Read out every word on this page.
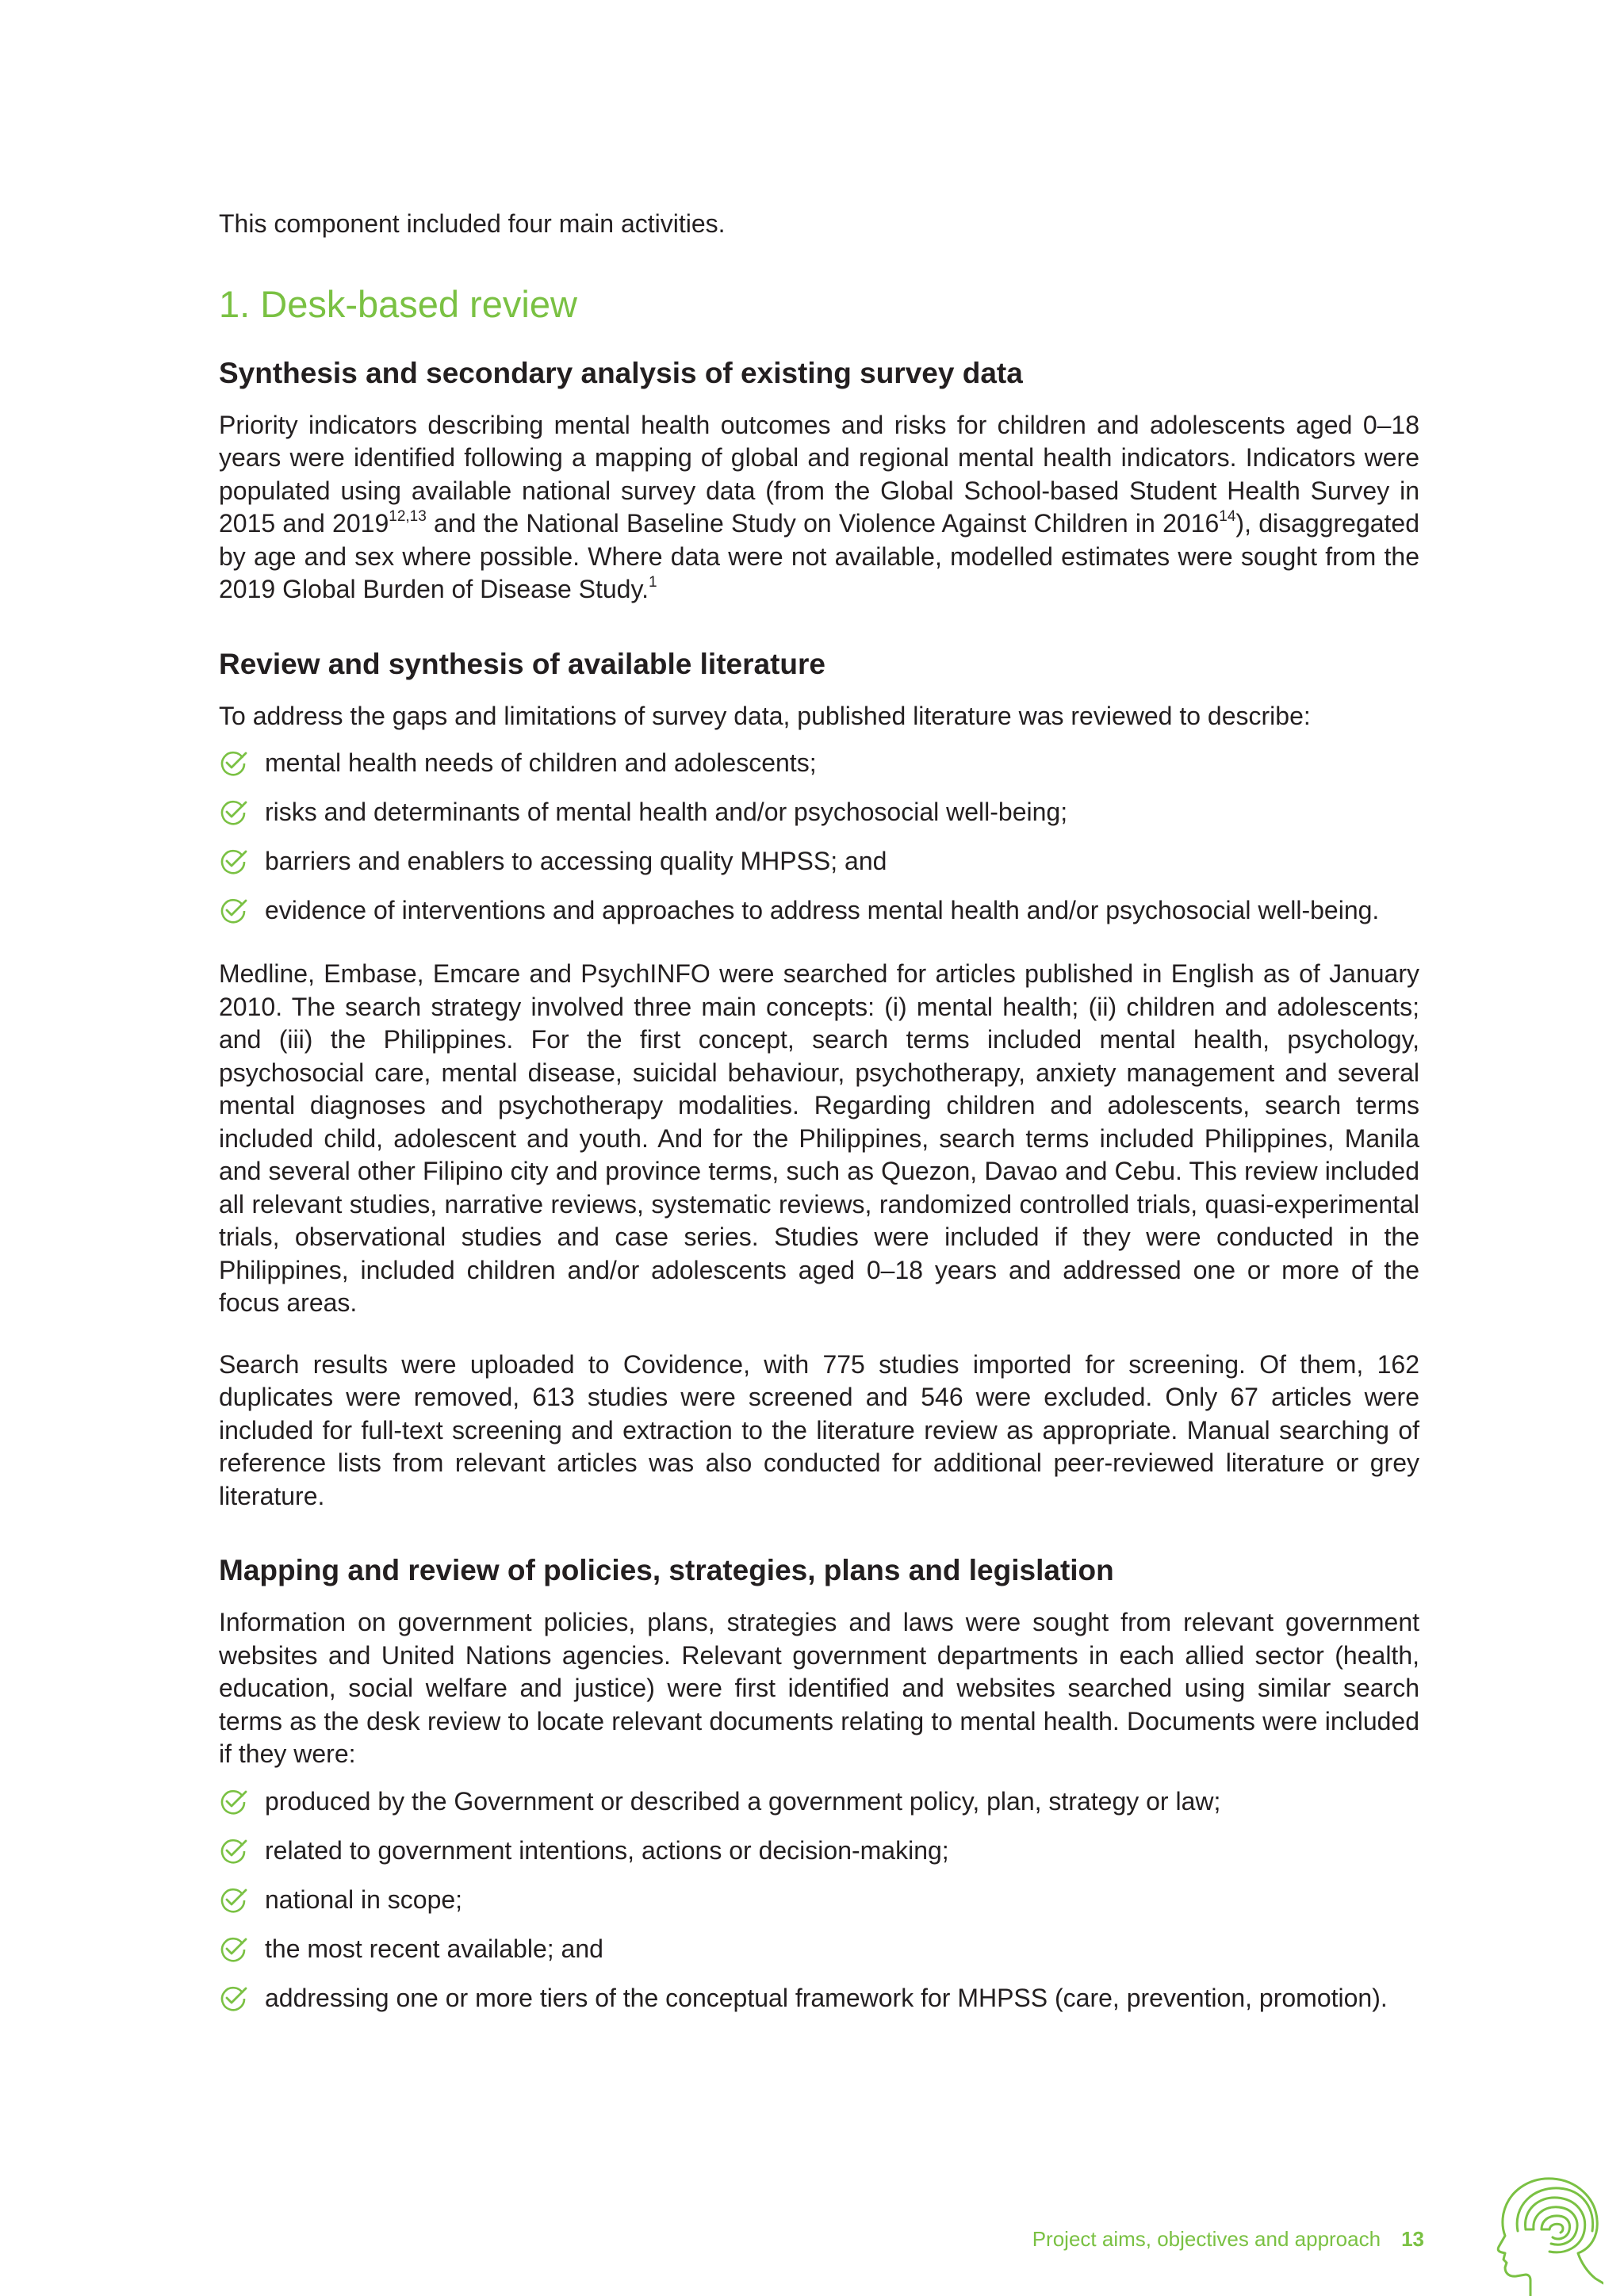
This component included four main activities.

1. Desk-based review
Synthesis and secondary analysis of existing survey data

Priority indicators describing mental health outcomes and risks for children and adolescents aged 0–18 years were identified following a mapping of global and regional mental health indicators. Indicators were populated using available national survey data (from the Global School-based Student Health Survey in 2015 and 2019$^{12,13}$ and the National Baseline Study on Violence Against Children in 2016$^{14}$), disaggregated by age and sex where possible. Where data were not available, modelled estimates were sought from the 2019 Global Burden of Disease Study.$^1$

Review and synthesis of available literature

To address the gaps and limitations of survey data, published literature was reviewed to describe:

mental health needs of children and adolescents;
risks and determinants of mental health and/or psychosocial well-being;
barriers and enablers to accessing quality MHPSS; and
evidence of interventions and approaches to address mental health and/or psychosocial well-being.

Medline, Embase, Emcare and PsychINFO were searched for articles published in English as of January 2010. The search strategy involved three main concepts: (i) mental health; (ii) children and adolescents; and (iii) the Philippines. For the first concept, search terms included mental health, psychology, psychosocial care, mental disease, suicidal behaviour, psychotherapy, anxiety management and several mental diagnoses and psychotherapy modalities. Regarding children and adolescents, search terms included child, adolescent and youth. And for the Philippines, search terms included Philippines, Manila and several other Filipino city and province terms, such as Quezon, Davao and Cebu. This review included all relevant studies, narrative reviews, systematic reviews, randomized controlled trials, quasi-experimental trials, observational studies and case series. Studies were included if they were conducted in the Philippines, included children and/or adolescents aged 0–18 years and addressed one or more of the focus areas.

Search results were uploaded to Covidence, with 775 studies imported for screening. Of them, 162 duplicates were removed, 613 studies were screened and 546 were excluded. Only 67 articles were included for full-text screening and extraction to the literature review as appropriate. Manual searching of reference lists from relevant articles was also conducted for additional peer-reviewed literature or grey literature.

Mapping and review of policies, strategies, plans and legislation

Information on government policies, plans, strategies and laws were sought from relevant government websites and United Nations agencies. Relevant government departments in each allied sector (health, education, social welfare and justice) were first identified and websites searched using similar search terms as the desk review to locate relevant documents relating to mental health. Documents were included if they were:

produced by the Government or described a government policy, plan, strategy or law;
related to government intentions, actions or decision-making;
national in scope;
the most recent available; and
addressing one or more tiers of the conceptual framework for MHPSS (care, prevention, promotion).
Project aims, objectives and approach 13
